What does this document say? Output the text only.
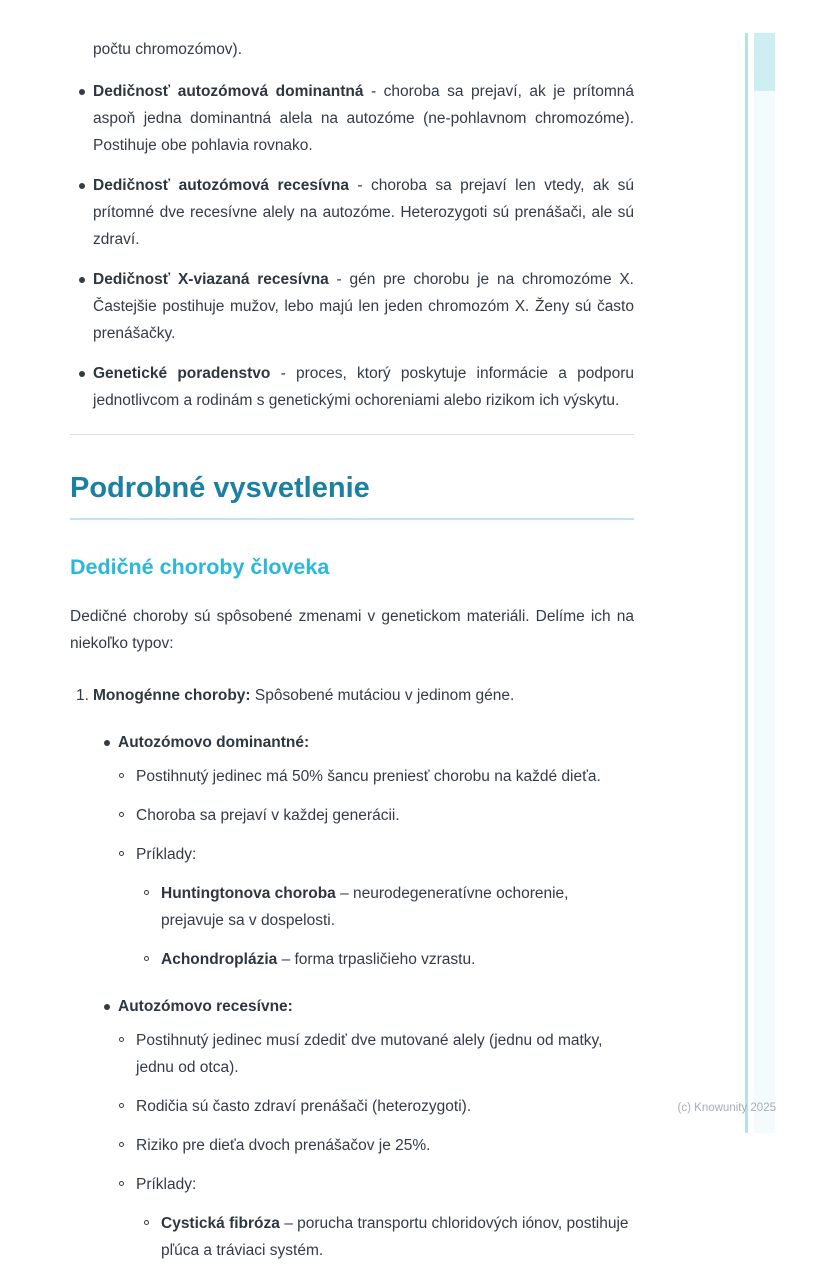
počtu chromozómov).

Dedičnosť autozómová dominantná - choroba sa prejaví, ak je prítomná aspoň jedna dominantná alela na autozóme (ne-pohlavnom chromozóme). Postihuje obe pohlavia rovnako.
Dedičnosť autozómová recesívna - choroba sa prejaví len vtedy, ak sú prítomné dve recesívne alely na autozóme. Heterozygoti sú prenášači, ale sú zdraví.
Dedičnosť X-viazaná recesívna - gén pre chorobu je na chromozóme X. Častejšie postihuje mužov, lebo majú len jeden chromozóm X. Ženy sú často prenášačky.
Genetické poradenstvo - proces, ktorý poskytuje informácie a podporu jednotlivcom a rodinám s genetickými ochoreniami alebo rizikom ich výskytu.
Podrobné vysvetlenie
Dedičné choroby človeka

Dedičné choroby sú spôsobené zmenami v genetickom materiáli. Delíme ich na niekoľko typov:

1. Monogénne choroby: Spôsobené mutáciou v jedinom géne.
Autozómovo dominantné:
Postihnutý jedinec má 50% šancu preniesť chorobu na každé dieťa.
Choroba sa prejaví v každej generácii.
Príklady:
Huntingtonova choroba – neurodegeneratívne ochorenie, prejavuje sa v dospelosti.
Achondroplázia – forma trpasličieho vzrastu.
Autozómovo recesívne:
Postihnutý jedinec musí zdediť dve mutované alely (jednu od matky, jednu od otca).
Rodičia sú často zdraví prenášači (heterozygoti).
Riziko pre dieťa dvoch prenášačov je 25%.
Príklady:
Cystická fibróza – porucha transportu chloridových iónov, postihuje pľúca a tráviaci systém.
(c) Knowunity 2025
